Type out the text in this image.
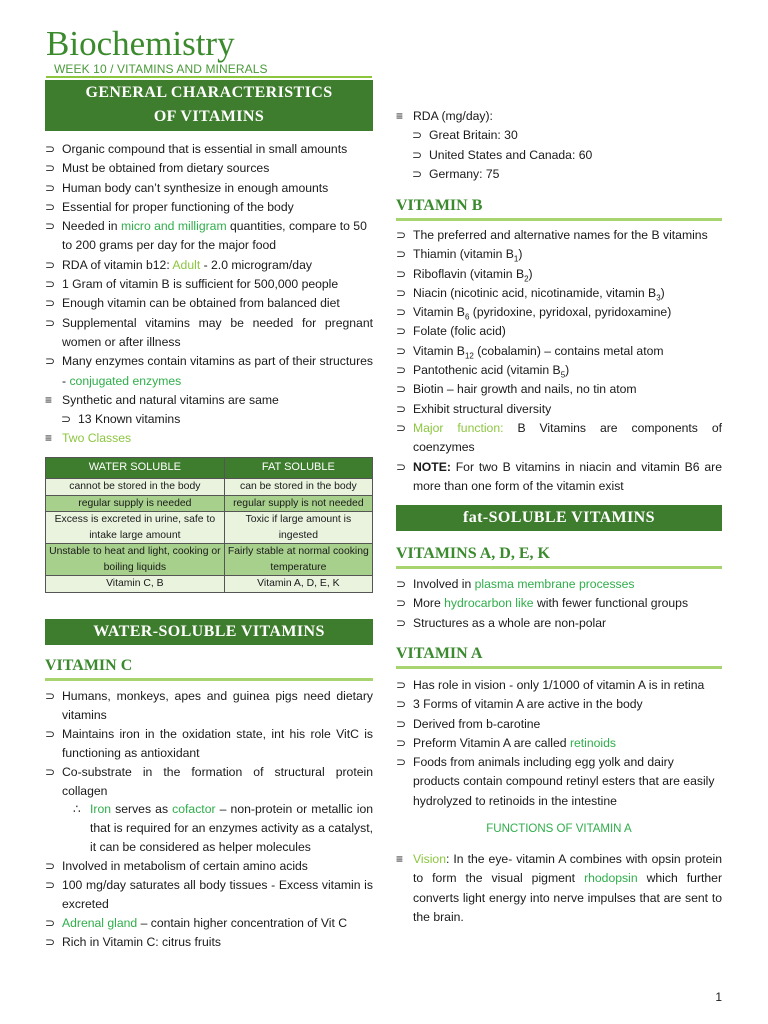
Biochemistry
WEEK 10 / VITAMINS AND MINERALS
GENERAL CHARACTERISTICS
OF VITAMINS
⊃ Organic compound that is essential in small amounts
⊃ Must be obtained from dietary sources
⊃ Human body can’t synthesize in enough amounts
⊃ Essential for proper functioning of the body
⊃ Needed in micro and milligram quantities, compare to 50 to 200 grams per day for the major food
⊃ RDA of vitamin b12: Adult - 2.0 microgram/day
⊃ 1 Gram of vitamin B is sufficient for 500,000 people
⊃ Enough vitamin can be obtained from balanced diet
⊃ Supplemental vitamins may be needed for pregnant women or after illness
⊃ Many enzymes contain vitamins as part of their structures - conjugated enzymes
≡ Synthetic and natural vitamins are same
⊃ 13 Known vitamins
≡ Two Classes
WATER SOLUBLE	FAT SOLUBLE
cannot be stored in the body	can be stored in the body
regular supply is needed	regular supply is not needed
Excess is excreted in urine, safe to intake large amount	Toxic if large amount is ingested
Unstable to heat and light, cooking or boiling liquids	Fairly stable at normal cooking temperature
Vitamin C, B	Vitamin A, D, E, K
WATER-SOLUBLE VITAMINS
VITAMIN C
⊃ Humans, monkeys, apes and guinea pigs need dietary vitamins
⊃ Maintains iron in the oxidation state, int his role VitC is functioning as antioxidant
⊃ Co-substrate in the formation of structural protein collagen
∴ Iron serves as cofactor – non-protein or metallic ion that is required for an enzymes activity as a catalyst, it can be considered as helper molecules
⊃ Involved in metabolism of certain amino acids
⊃ 100 mg/day saturates all body tissues - Excess vitamin is excreted
⊃ Adrenal gland – contain higher concentration of Vit C
⊃ Rich in Vitamin C: citrus fruits
≡ RDA (mg/day):
⊃ Great Britain: 30
⊃ United States and Canada: 60
⊃ Germany: 75
VITAMIN B
⊃ The preferred and alternative names for the B vitamins
⊃ Thiamin (vitamin $B_1$)
⊃ Riboflavin (vitamin $B_2$)
⊃ Niacin (nicotinic acid, nicotinamide, vitamin $B_3$)
⊃ Vitamin $B_6$ (pyridoxine, pyridoxal, pyridoxamine)
⊃ Folate (folic acid)
⊃ Vitamin $B_{12}$ (cobalamin) – contains metal atom
⊃ Pantothenic acid (vitamin $B_5$)
⊃ Biotin – hair growth and nails, no tin atom
⊃ Exhibit structural diversity
⊃ Major function: B Vitamins are components of coenzymes
⊃ NOTE: For two B vitamins in niacin and vitamin B6 are more than one form of the vitamin exist
fat-SOLUBLE VITAMINS
VITAMINS A, D, E, K
⊃ Involved in plasma membrane processes
⊃ More hydrocarbon like with fewer functional groups
⊃ Structures as a whole are non-polar
VITAMIN A
⊃ Has role in vision - only 1/1000 of vitamin A is in retina
⊃ 3 Forms of vitamin A are active in the body
⊃ Derived from b-carotine
⊃ Preform Vitamin A are called retinoids
⊃ Foods from animals including egg yolk and dairy products contain compound retinyl esters that are easily hydrolyzed to retinoids in the intestine
FUNCTIONS OF VITAMIN A
≡ Vision: In the eye- vitamin A combines with opsin protein to form the visual pigment rhodopsin which further converts light energy into nerve impulses that are sent to the brain.
1
